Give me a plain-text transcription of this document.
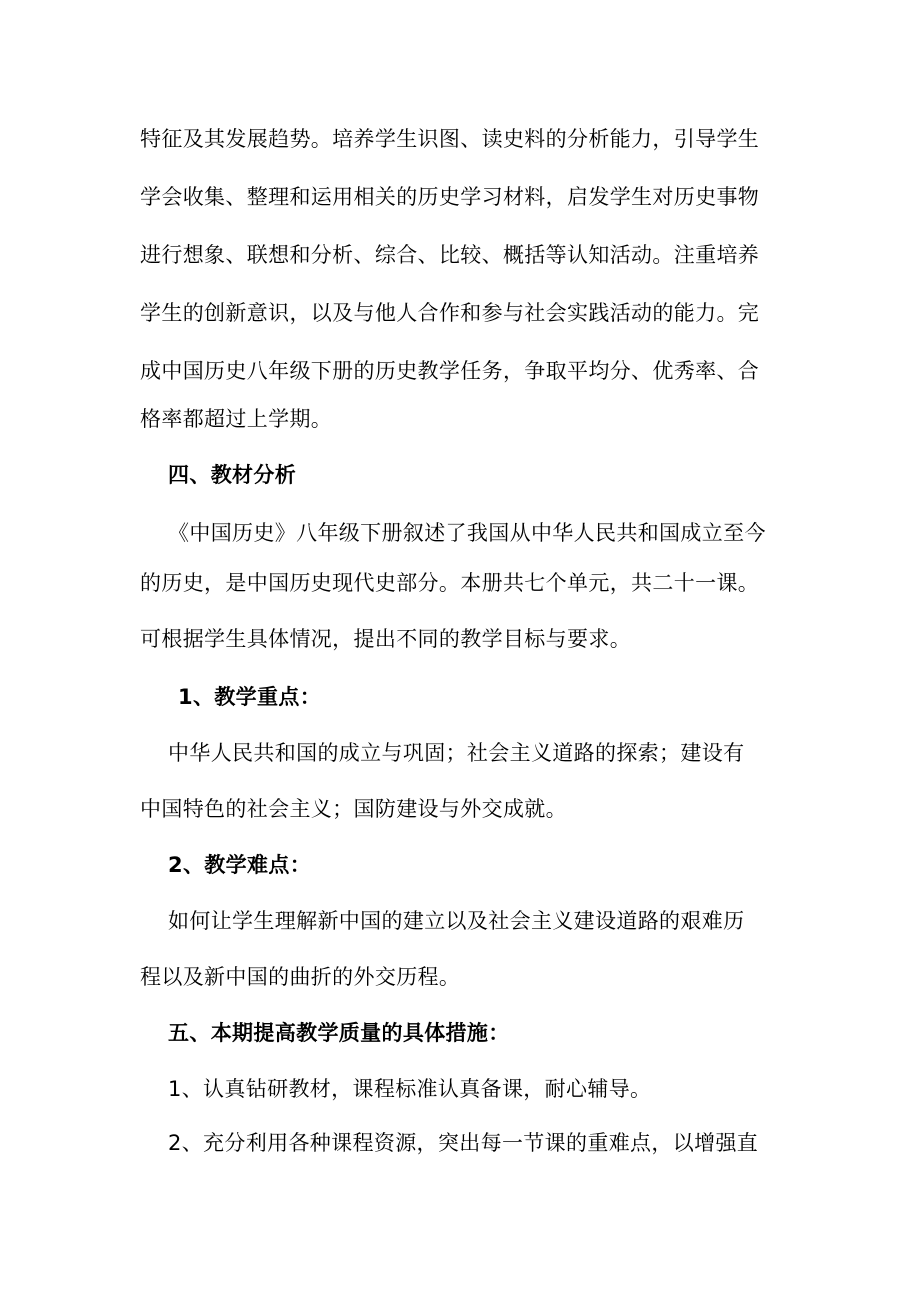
特征及其发展趋势。培养学生识图、读史料的分析能力，引导学生
学会收集、整理和运用相关的历史学习材料，启发学生对历史事物
进行想象、联想和分析、综合、比较、概括等认知活动。注重培养
学生的创新意识，以及与他人合作和参与社会实践活动的能力。完
成中国历史八年级下册的历史教学任务，争取平均分、优秀率、合
格率都超过上学期。
四、教材分析
《中国历史》八年级下册叙述了我国从中华人民共和国成立至今
的历史，是中国历史现代史部分。本册共七个单元，共二十一课。
可根据学生具体情况，提出不同的教学目标与要求。
1、教学重点：
中华人民共和国的成立与巩固；社会主义道路的探索；建设有
中国特色的社会主义；国防建设与外交成就。
2、教学难点：
如何让学生理解新中国的建立以及社会主义建设道路的艰难历
程以及新中国的曲折的外交历程。
五、本期提高教学质量的具体措施：
1、认真钻研教材，课程标准认真备课，耐心辅导。
2、充分利用各种课程资源，突出每一节课的重难点，以增强直
